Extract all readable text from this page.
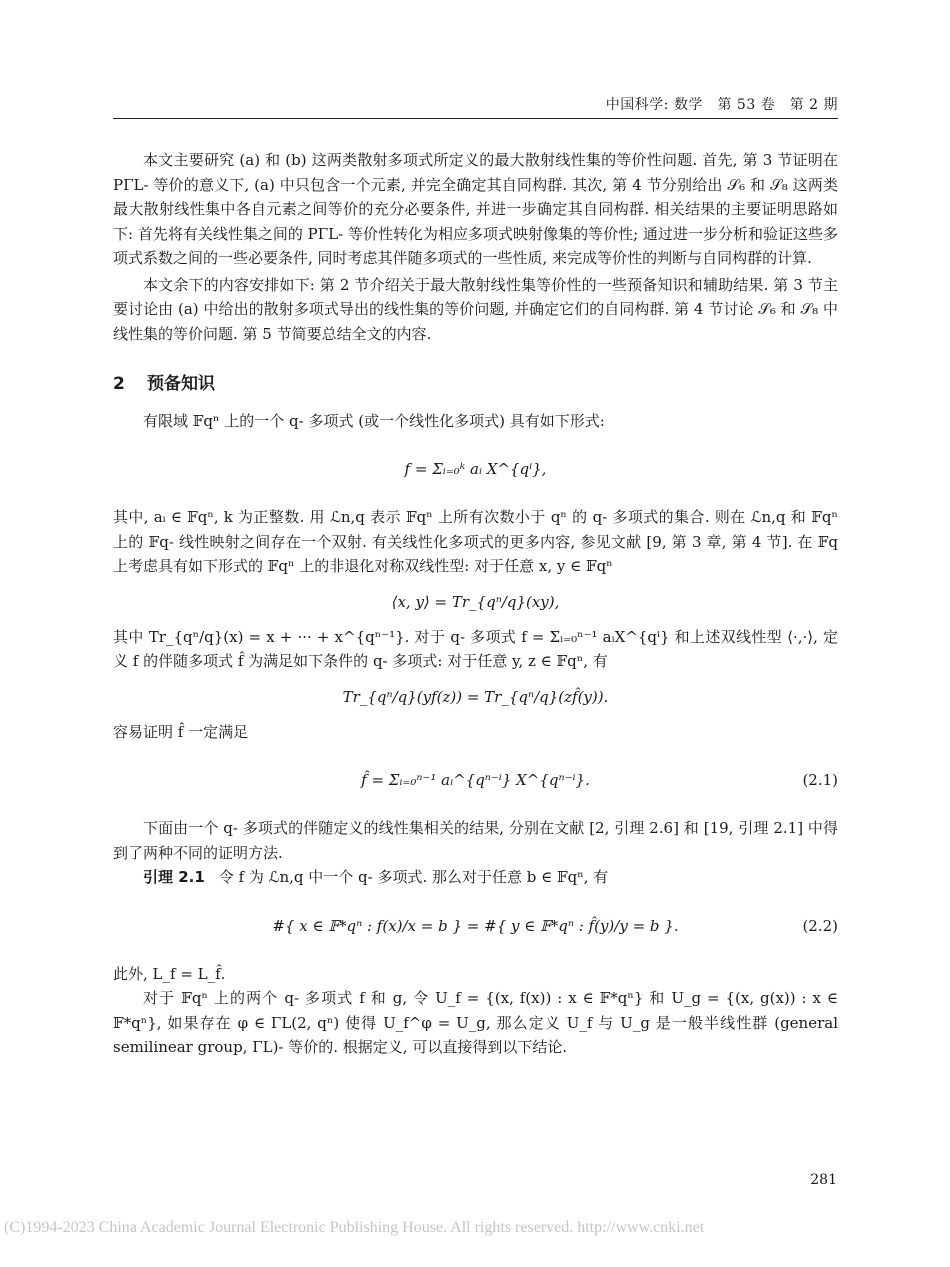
中国科学: 数学　第 53 卷　第 2 期

本文主要研究 (a) 和 (b) 这两类散射多项式所定义的最大散射线性集的等价性问题. 首先, 第 3 节证明在 PΓL- 等价的意义下, (a) 中只包含一个元素, 并完全确定其自同构群. 其次, 第 4 节分别给出 𝒮₆ 和 𝒮₈ 这两类最大散射线性集中各自元素之间等价的充分必要条件, 并进一步确定其自同构群. 相关结果的主要证明思路如下: 首先将有关线性集之间的 PΓL- 等价性转化为相应多项式映射像集的等价性; 通过进一步分析和验证这些多项式系数之间的一些必要条件, 同时考虑其伴随多项式的一些性质, 来完成等价性的判断与自同构群的计算.

本文余下的内容安排如下: 第 2 节介绍关于最大散射线性集等价性的一些预备知识和辅助结果. 第 3 节主要讨论由 (a) 中给出的散射多项式导出的线性集的等价问题, 并确定它们的自同构群. 第 4 节讨论 𝒮₆ 和 𝒮₈ 中线性集的等价问题. 第 5 节简要总结全文的内容.

2 预备知识

有限域 𝔽qⁿ 上的一个 q- 多项式 (或一个线性化多项式) 具有如下形式:

f = Σᵢ₌₀ᵏ aᵢ X^{qⁱ},

其中, aᵢ ∈ 𝔽qⁿ, k 为正整数. 用 ℒn,q 表示 𝔽qⁿ 上所有次数小于 qⁿ 的 q- 多项式的集合. 则在 ℒn,q 和 𝔽qⁿ 上的 𝔽q- 线性映射之间存在一个双射. 有关线性化多项式的更多内容, 参见文献 [9, 第 3 章, 第 4 节]. 在 𝔽q 上考虑具有如下形式的 𝔽qⁿ 上的非退化对称双线性型: 对于任意 x, y ∈ 𝔽qⁿ

⟨x, y⟩ = Tr_{qⁿ/q}(xy),

其中 Tr_{qⁿ/q}(x) = x + ··· + x^{qⁿ⁻¹}. 对于 q- 多项式 f = Σᵢ₌₀ⁿ⁻¹ aᵢX^{qⁱ} 和上述双线性型 ⟨·,·⟩, 定义 f 的伴随多项式 f̂ 为满足如下条件的 q- 多项式: 对于任意 y, z ∈ 𝔽qⁿ, 有

Tr_{qⁿ/q}(yf(z)) = Tr_{qⁿ/q}(zf̂(y)).

容易证明 f̂ 一定满足

f̂ = Σᵢ₌₀ⁿ⁻¹ aᵢ^{qⁿ⁻ⁱ} X^{qⁿ⁻ⁱ}.	(2.1)

下面由一个 q- 多项式的伴随定义的线性集相关的结果, 分别在文献 [2, 引理 2.6] 和 [19, 引理 2.1] 中得到了两种不同的证明方法.

引理 2.1 令 f 为 ℒn,q 中一个 q- 多项式. 那么对于任意 b ∈ 𝔽qⁿ, 有

#{ x ∈ 𝔽*qⁿ : f(x)/x = b } = #{ y ∈ 𝔽*qⁿ : f̂(y)/y = b }.	(2.2)

此外, L_f = L_f̂.

对于 𝔽qⁿ 上的两个 q- 多项式 f 和 g, 令 U_f = {(x, f(x)) : x ∈ 𝔽*qⁿ} 和 U_g = {(x, g(x)) : x ∈ 𝔽*qⁿ}, 如果存在 φ ∈ ΓL(2, qⁿ) 使得 U_f^φ = U_g, 那么定义 U_f 与 U_g 是一般半线性群 (general semilinear group, ΓL)- 等价的. 根据定义, 可以直接得到以下结论.

281
(C)1994-2023 China Academic Journal Electronic Publishing House. All rights reserved. http://www.cnki.net
